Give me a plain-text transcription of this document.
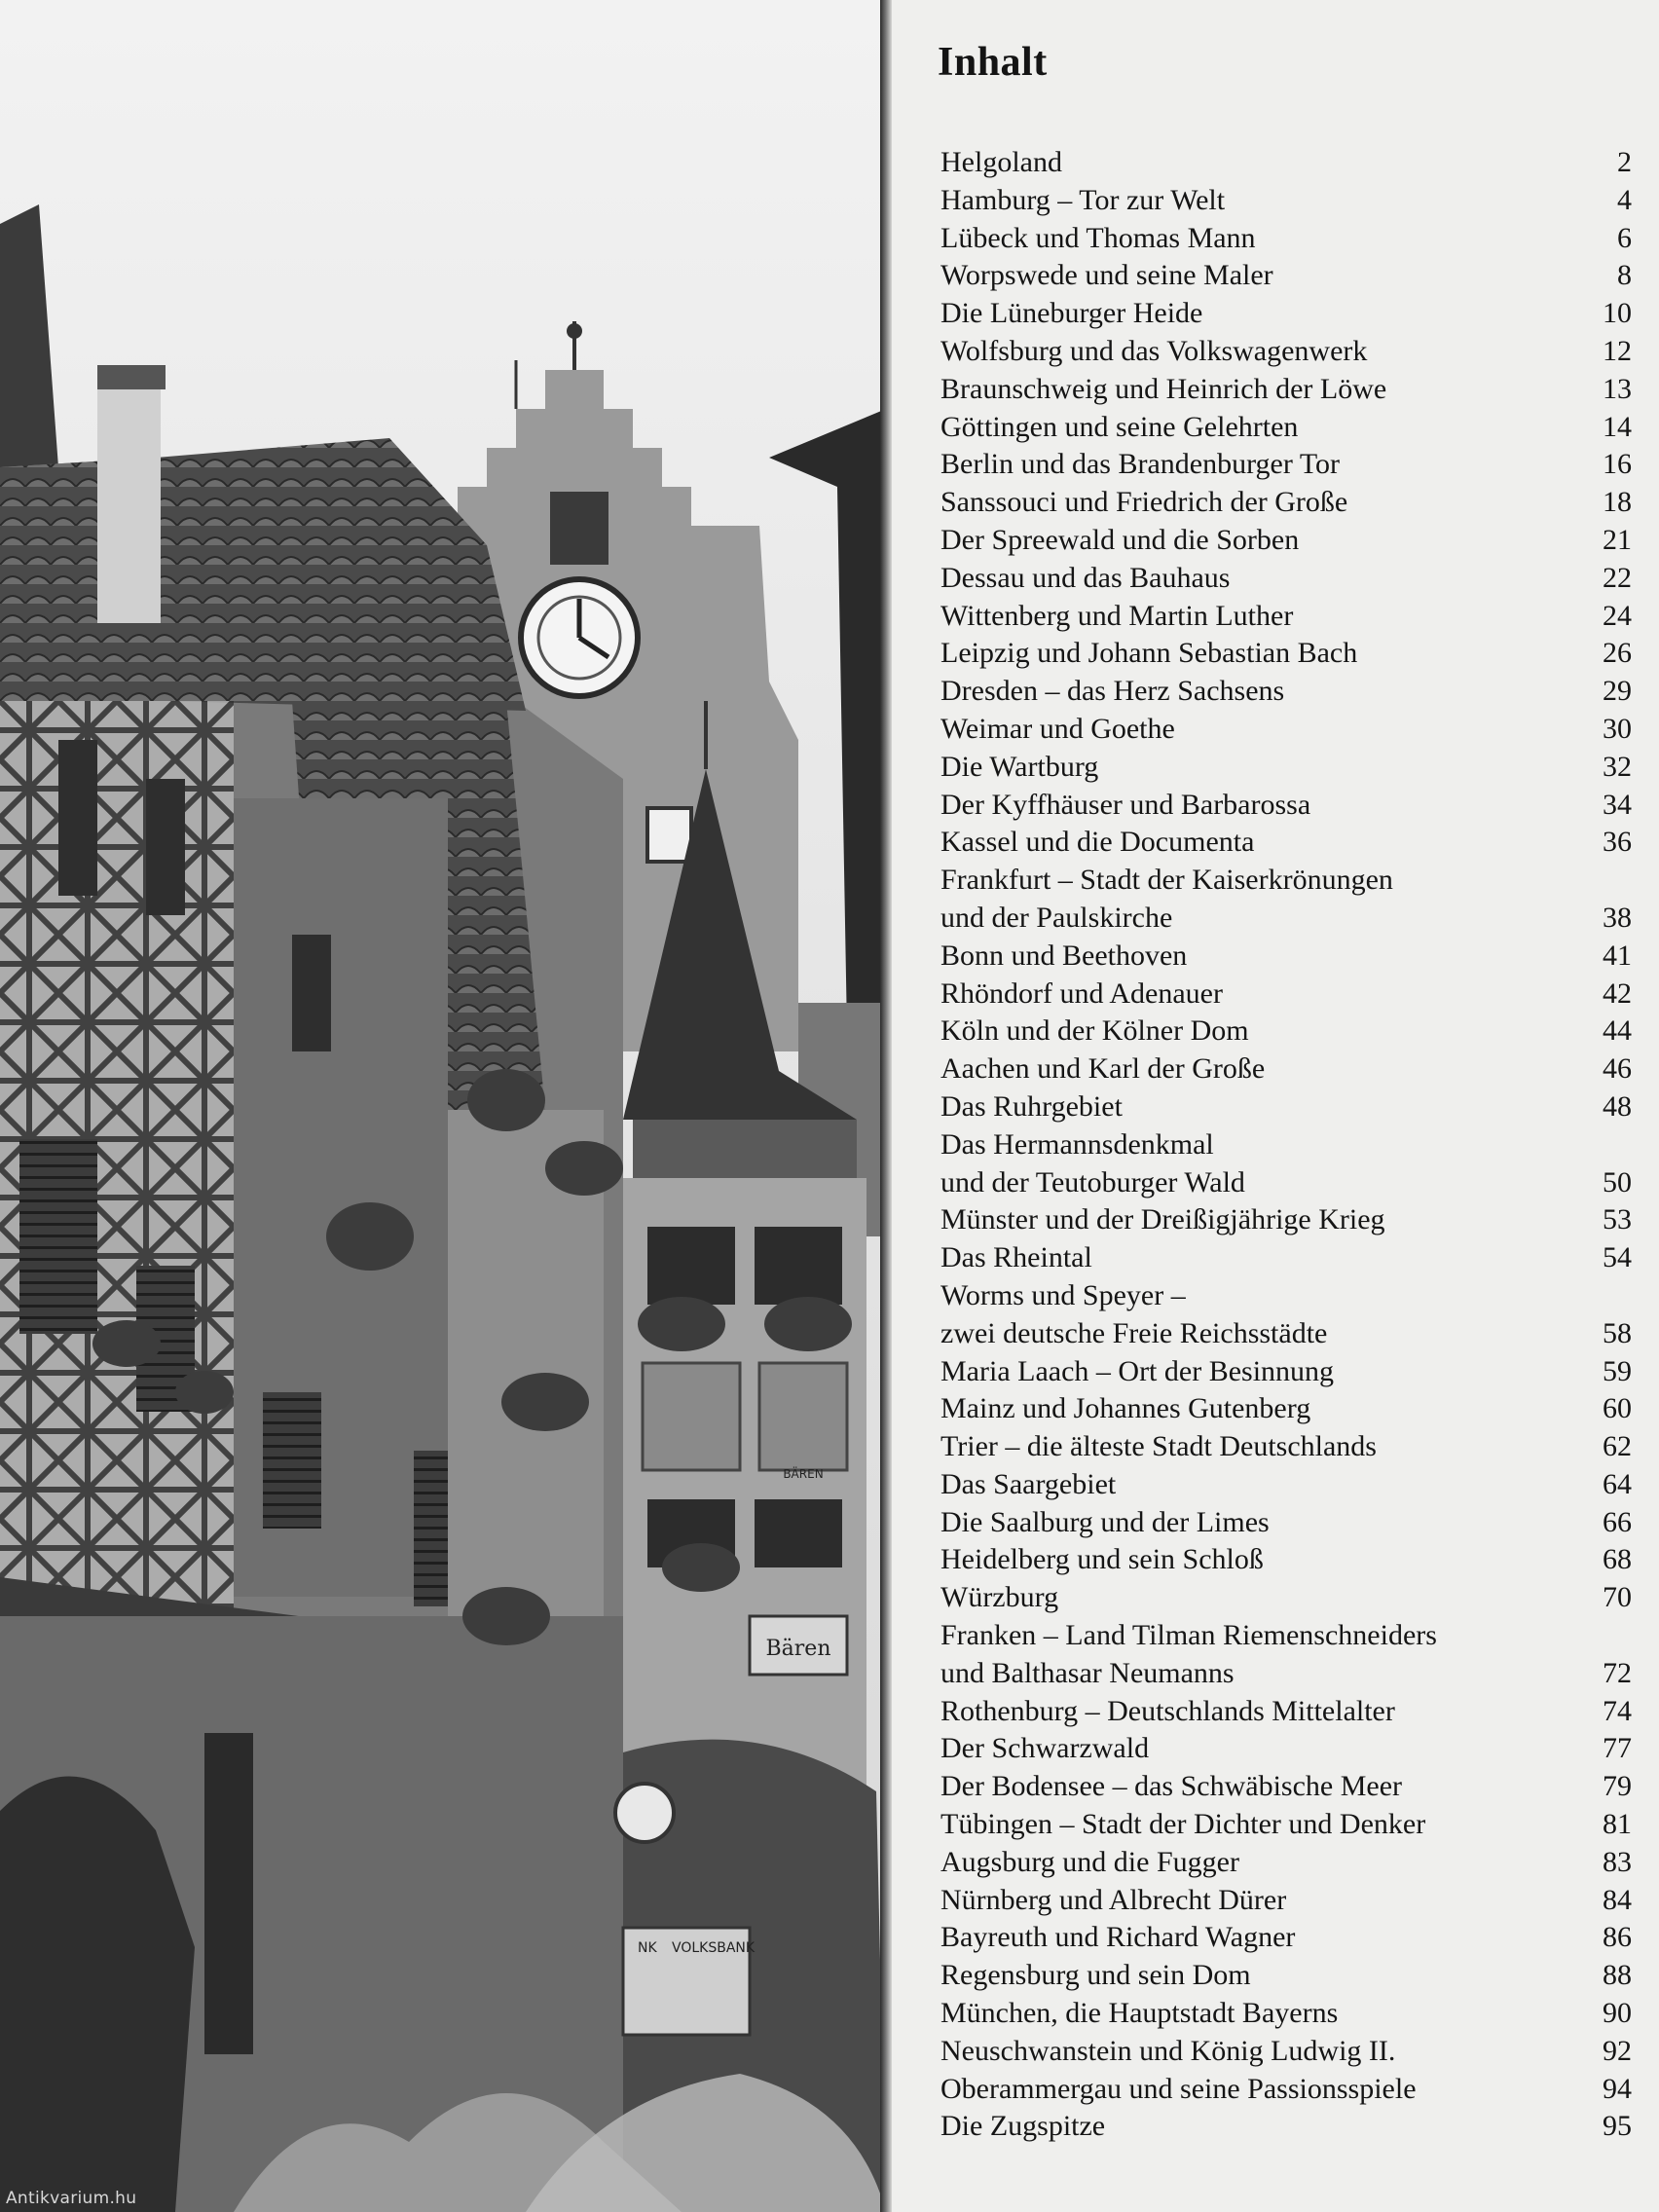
BÄREN
Bären
NK VOLKSBANK
Inhalt
Helgoland	2
Hamburg – Tor zur Welt	4
Lübeck und Thomas Mann	6
Worpswede und seine Maler	8
Die Lüneburger Heide	10
Wolfsburg und das Volkswagenwerk	12
Braunschweig und Heinrich der Löwe	13
Göttingen und seine Gelehrten	14
Berlin und das Brandenburger Tor	16
Sanssouci und Friedrich der Große	18
Der Spreewald und die Sorben	21
Dessau und das Bauhaus	22
Wittenberg und Martin Luther	24
Leipzig und Johann Sebastian Bach	26
Dresden – das Herz Sachsens	29
Weimar und Goethe	30
Die Wartburg	32
Der Kyffhäuser und Barbarossa	34
Kassel und die Documenta	36
Frankfurt – Stadt der Kaiserkrönungen
und der Paulskirche	38
Bonn und Beethoven	41
Rhöndorf und Adenauer	42
Köln und der Kölner Dom	44
Aachen und Karl der Große	46
Das Ruhrgebiet	48
Das Hermannsdenkmal
und der Teutoburger Wald	50
Münster und der Dreißigjährige Krieg	53
Das Rheintal	54
Worms und Speyer –
zwei deutsche Freie Reichsstädte	58
Maria Laach – Ort der Besinnung	59
Mainz und Johannes Gutenberg	60
Trier – die älteste Stadt Deutschlands	62
Das Saargebiet	64
Die Saalburg und der Limes	66
Heidelberg und sein Schloß	68
Würzburg	70
Franken – Land Tilman Riemenschneiders
und Balthasar Neumanns	72
Rothenburg – Deutschlands Mittelalter	74
Der Schwarzwald	77
Der Bodensee – das Schwäbische Meer	79
Tübingen – Stadt der Dichter und Denker	81
Augsburg und die Fugger	83
Nürnberg und Albrecht Dürer	84
Bayreuth und Richard Wagner	86
Regensburg und sein Dom	88
München, die Hauptstadt Bayerns	90
Neuschwanstein und König Ludwig II.	92
Oberammergau und seine Passionsspiele	94
Die Zugspitze	95
Antikvarium.hu
